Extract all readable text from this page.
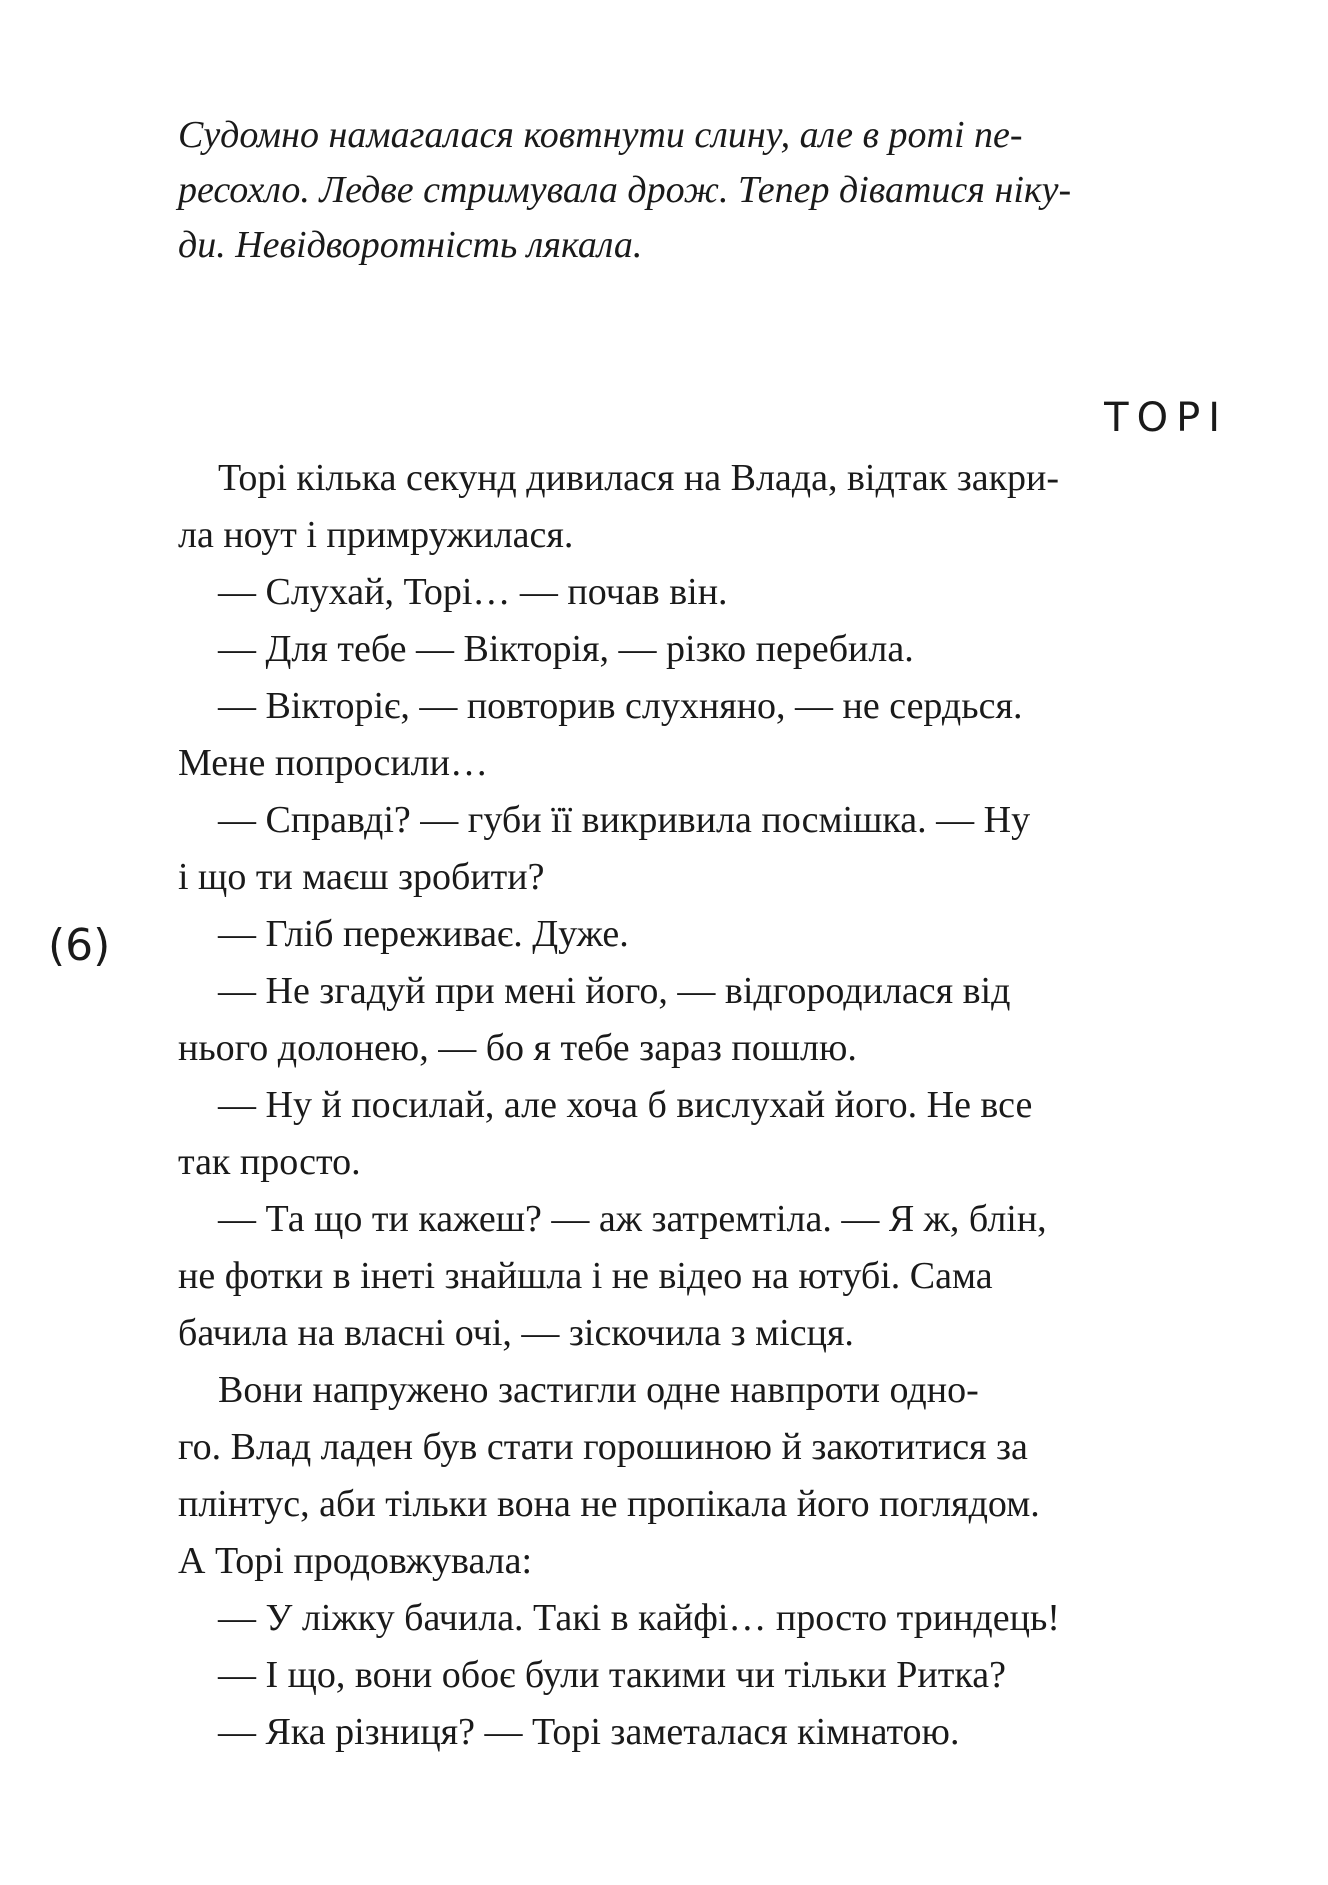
Судомно намагалася ковтнути слину, але в роті пе-
ресохло. Ледве стримувала дрож. Тепер діватися ніку-
ди. Невідворотність лякала.
ТОРІ
(6)
Торі кілька секунд дивилася на Влада, відтак закри-
ла ноут і примружилася.
— Слухай, Торі… — почав він.
— Для тебе — Вікторія, — різко перебила.
— Вікторіє, — повторив слухняно, — не сердься.
Мене попросили…
— Справді? — губи її викривила посмішка. — Ну
і що ти маєш зробити?
— Гліб переживає. Дуже.
— Не згадуй при мені його, — відгородилася від
нього долонею, — бо я тебе зараз пошлю.
— Ну й посилай, але хоча б вислухай його. Не все
так просто.
— Та що ти кажеш? — аж затремтіла. — Я ж, блін,
не фотки в інеті знайшла і не відео на ютубі. Сама
бачила на власні очі, — зіскочила з місця.
Вони напружено застигли одне навпроти одно-
го. Влад ладен був стати горошиною й закотитися за
плінтус, аби тільки вона не пропікала його поглядом.
А Торі продовжувала:
— У ліжку бачила. Такі в кайфі… просто триндець!
— І що, вони обоє були такими чи тільки Ритка?
— Яка різниця? — Торі заметалася кімнатою.
